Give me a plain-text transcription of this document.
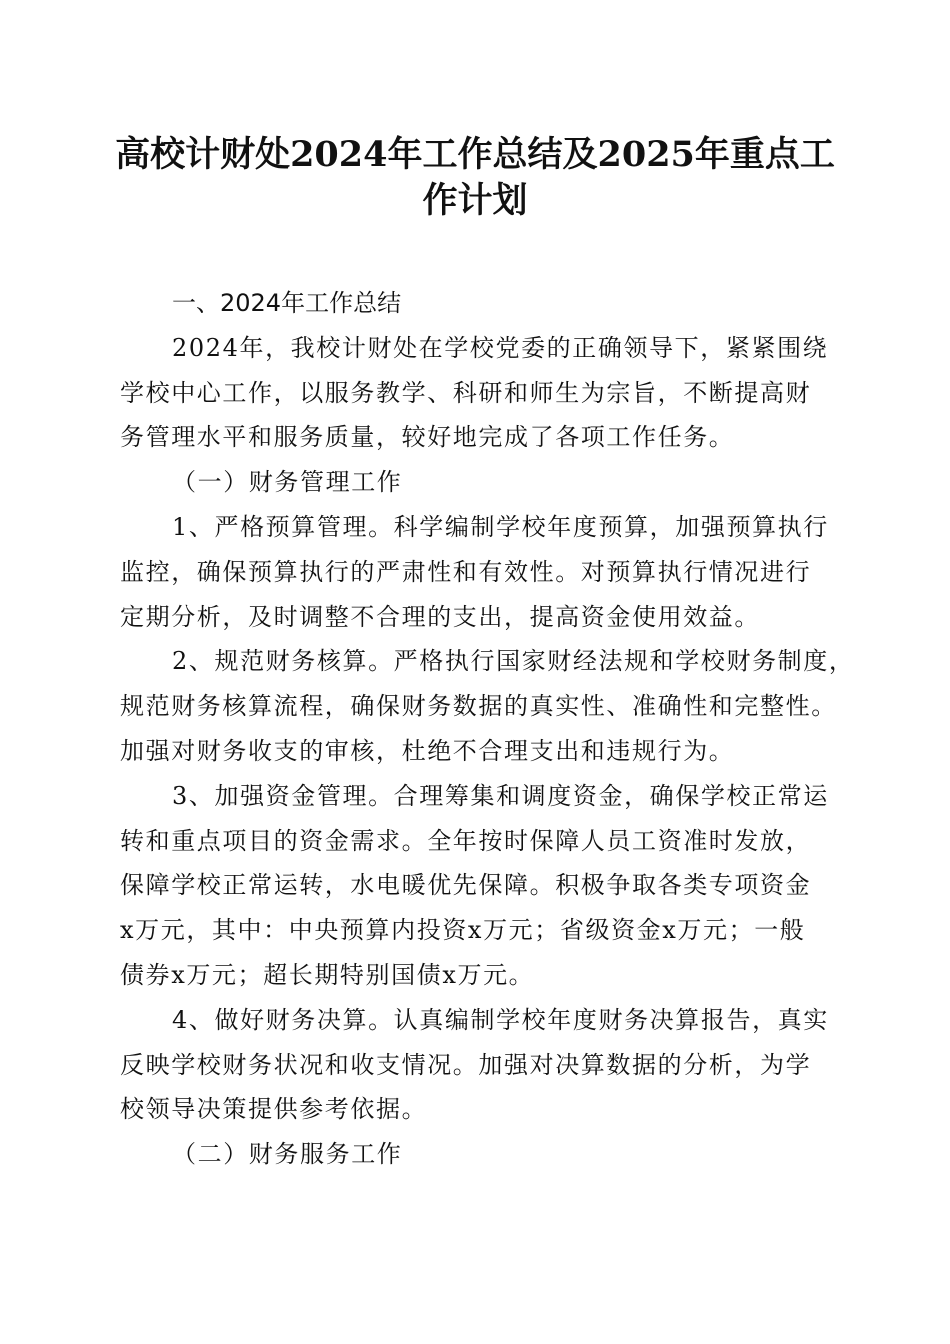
高校计财处2024年工作总结及2025年重点工
作计划
一、2024年工作总结
2024年，我校计财处在学校党委的正确领导下，紧紧围绕
学校中心工作，以服务教学、科研和师生为宗旨，不断提高财
务管理水平和服务质量，较好地完成了各项工作任务。
（一）财务管理工作
1、严格预算管理。科学编制学校年度预算，加强预算执行
监控，确保预算执行的严肃性和有效性。对预算执行情况进行
定期分析，及时调整不合理的支出，提高资金使用效益。
2、规范财务核算。严格执行国家财经法规和学校财务制度，
规范财务核算流程，确保财务数据的真实性、准确性和完整性。
加强对财务收支的审核，杜绝不合理支出和违规行为。
3、加强资金管理。合理筹集和调度资金，确保学校正常运
转和重点项目的资金需求。全年按时保障人员工资准时发放，
保障学校正常运转，水电暖优先保障。积极争取各类专项资金
x万元，其中：中央预算内投资x万元；省级资金x万元；一般
债券x万元；超长期特别国债x万元。
4、做好财务决算。认真编制学校年度财务决算报告，真实
反映学校财务状况和收支情况。加强对决算数据的分析，为学
校领导决策提供参考依据。
（二）财务服务工作
